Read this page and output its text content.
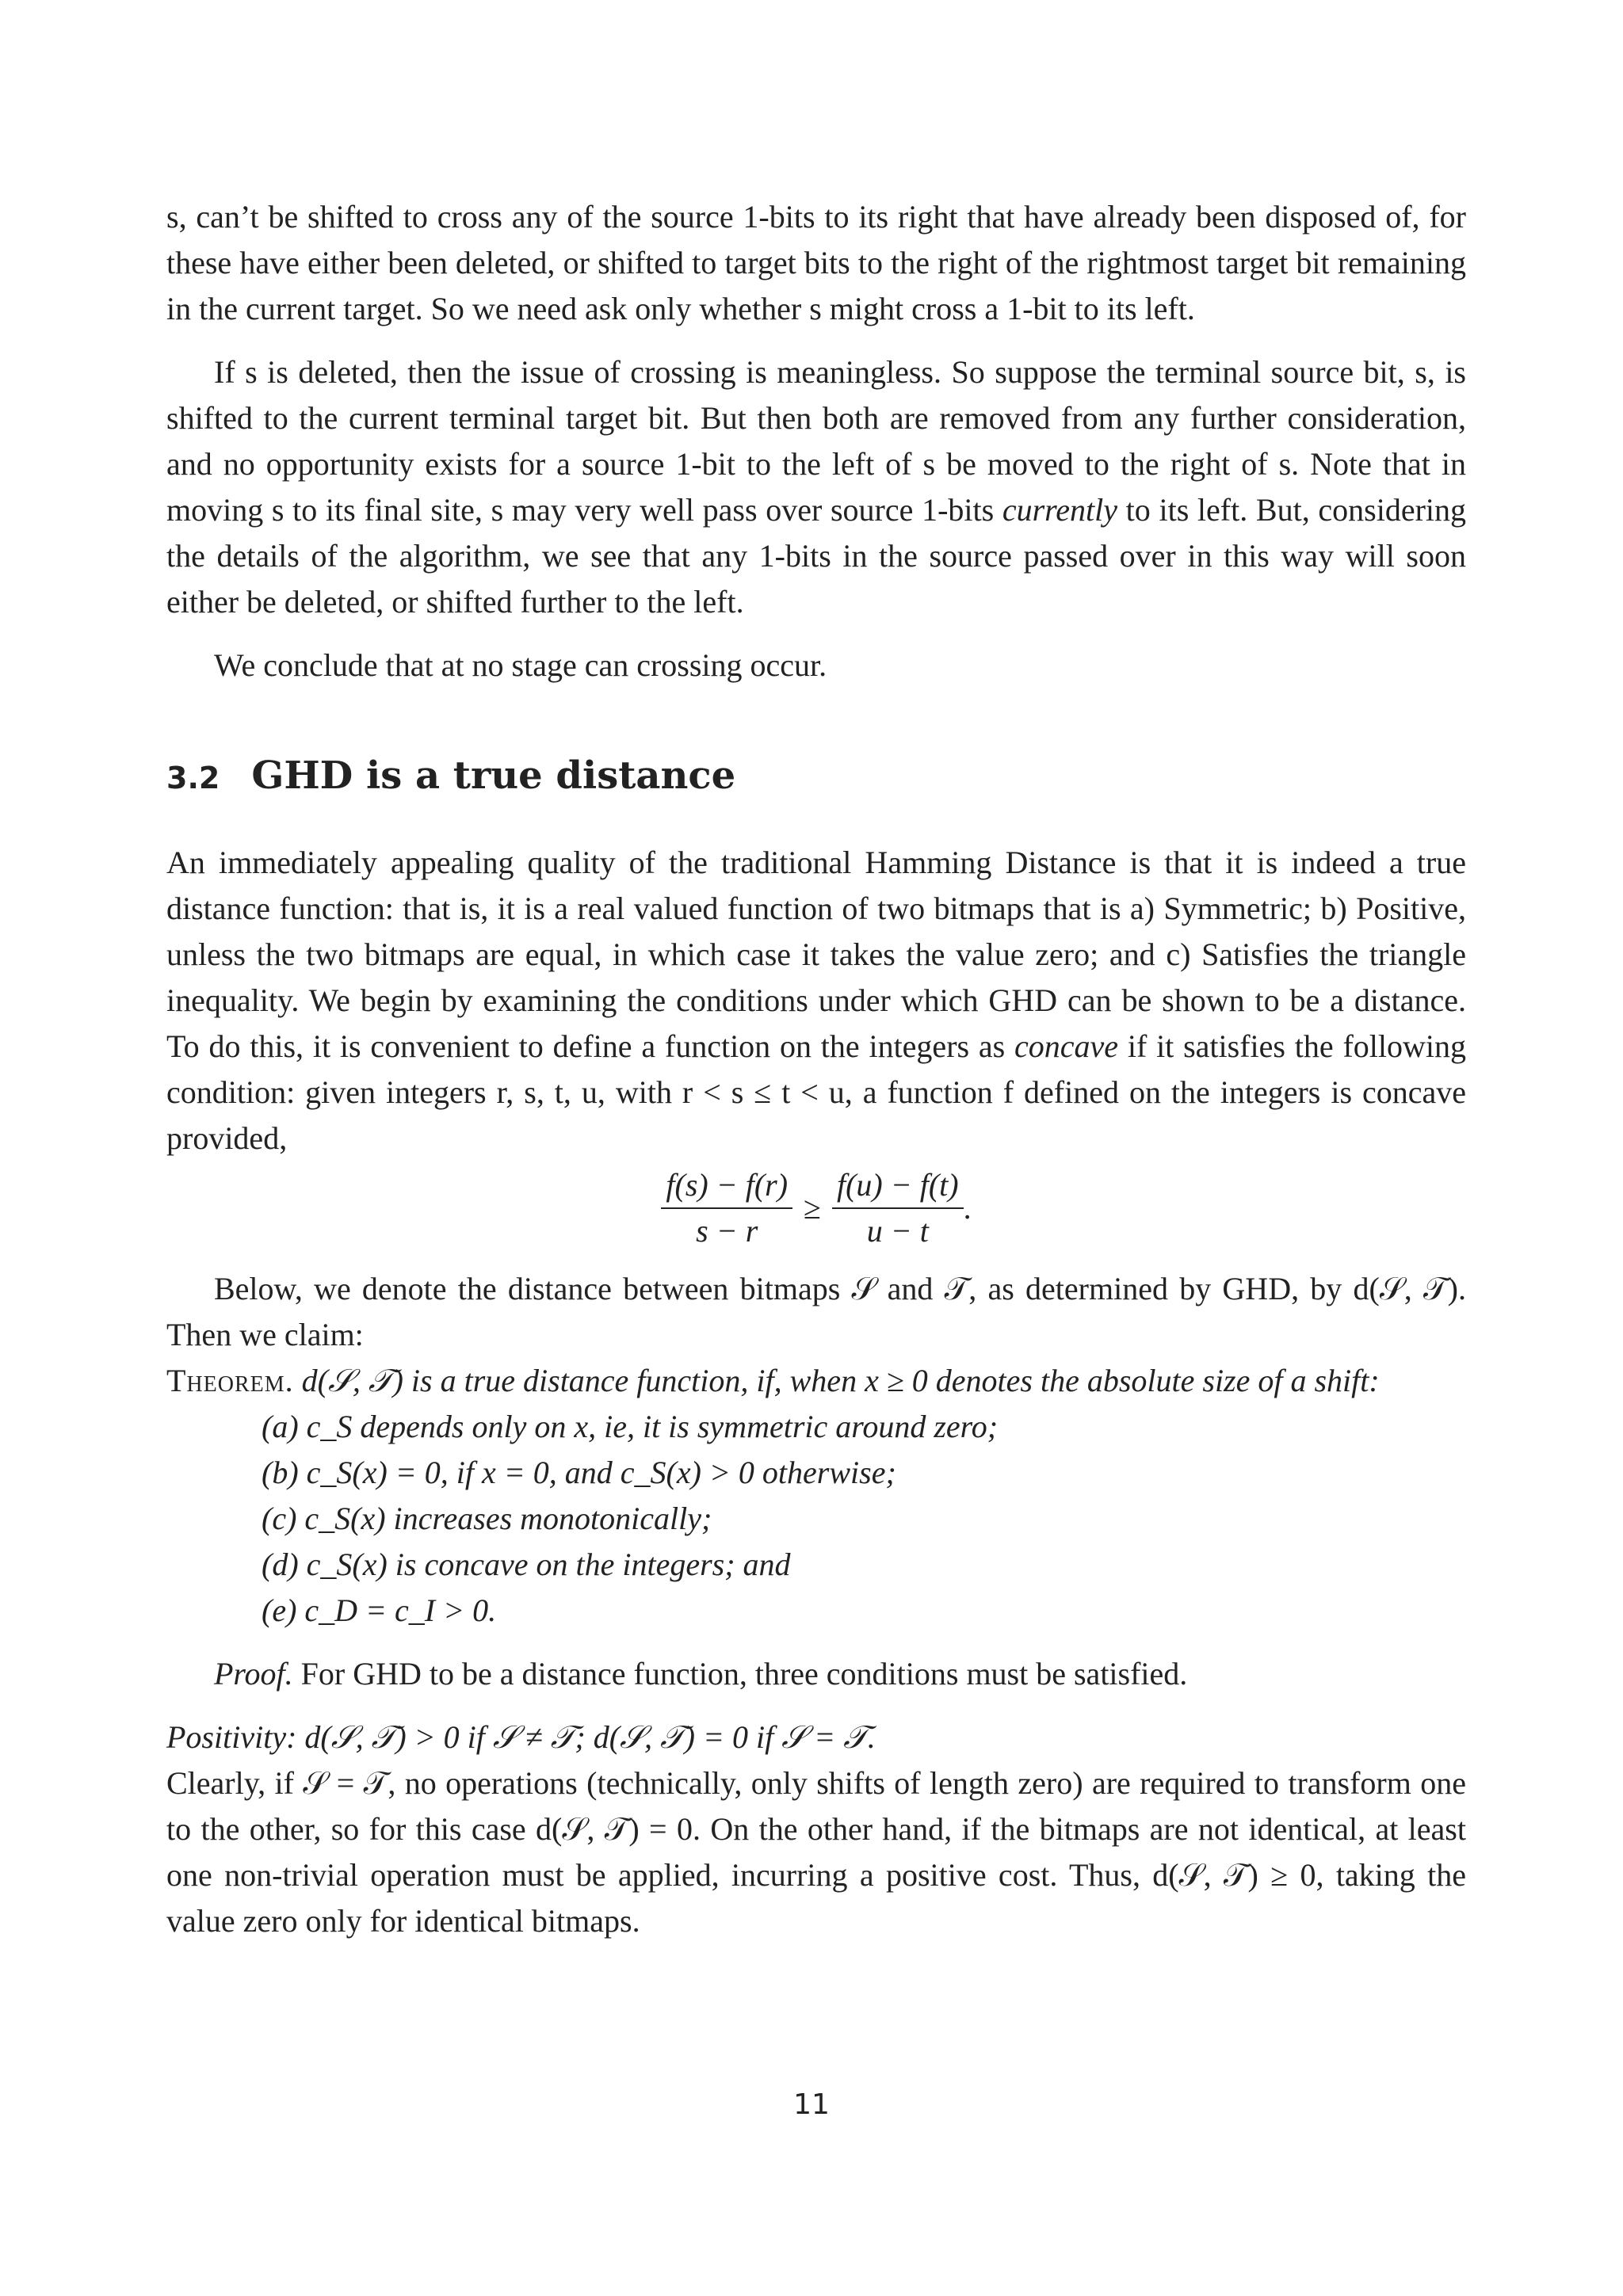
s, can’t be shifted to cross any of the source 1-bits to its right that have already been disposed of, for these have either been deleted, or shifted to target bits to the right of the rightmost target bit remaining in the current target. So we need ask only whether s might cross a 1-bit to its left.

If s is deleted, then the issue of crossing is meaningless. So suppose the terminal source bit, s, is shifted to the current terminal target bit. But then both are removed from any further consideration, and no opportunity exists for a source 1-bit to the left of s be moved to the right of s. Note that in moving s to its final site, s may very well pass over source 1-bits currently to its left. But, considering the details of the algorithm, we see that any 1-bits in the source passed over in this way will soon either be deleted, or shifted further to the left.

We conclude that at no stage can crossing occur.

3.2 GHD is a true distance

An immediately appealing quality of the traditional Hamming Distance is that it is indeed a true distance function: that is, it is a real valued function of two bitmaps that is a) Symmetric; b) Positive, unless the two bitmaps are equal, in which case it takes the value zero; and c) Satisfies the triangle inequality. We begin by examining the conditions under which GHD can be shown to be a distance. To do this, it is convenient to define a function on the integers as concave if it satisfies the following condition: given integers r, s, t, u, with r < s ≤ t < u, a function f defined on the integers is concave provided,

$\frac{f(s) - f(r)}{s - r} \ge \frac{f(u) - f(t)}{u - t}$ .

Below, we denote the distance between bitmaps 𝒮 and 𝒯, as determined by GHD, by d(𝒮, 𝒯). Then we claim:

Theorem. d(𝒮, 𝒯) is a true distance function, if, when x ≥ 0 denotes the absolute size of a shift:

(a) c_S depends only on x, ie, it is symmetric around zero;
(b) c_S(x) = 0, if x = 0, and c_S(x) > 0 otherwise;
(c) c_S(x) increases monotonically;
(d) c_S(x) is concave on the integers; and
(e) c_D = c_I > 0.

Proof. For GHD to be a distance function, three conditions must be satisfied.

Positivity: d(𝒮, 𝒯) > 0 if 𝒮 ≠ 𝒯; d(𝒮, 𝒯) = 0 if 𝒮 = 𝒯.

Clearly, if 𝒮 = 𝒯, no operations (technically, only shifts of length zero) are required to transform one to the other, so for this case d(𝒮, 𝒯) = 0. On the other hand, if the bitmaps are not identical, at least one non-trivial operation must be applied, incurring a positive cost. Thus, d(𝒮, 𝒯) ≥ 0, taking the value zero only for identical bitmaps.

11
